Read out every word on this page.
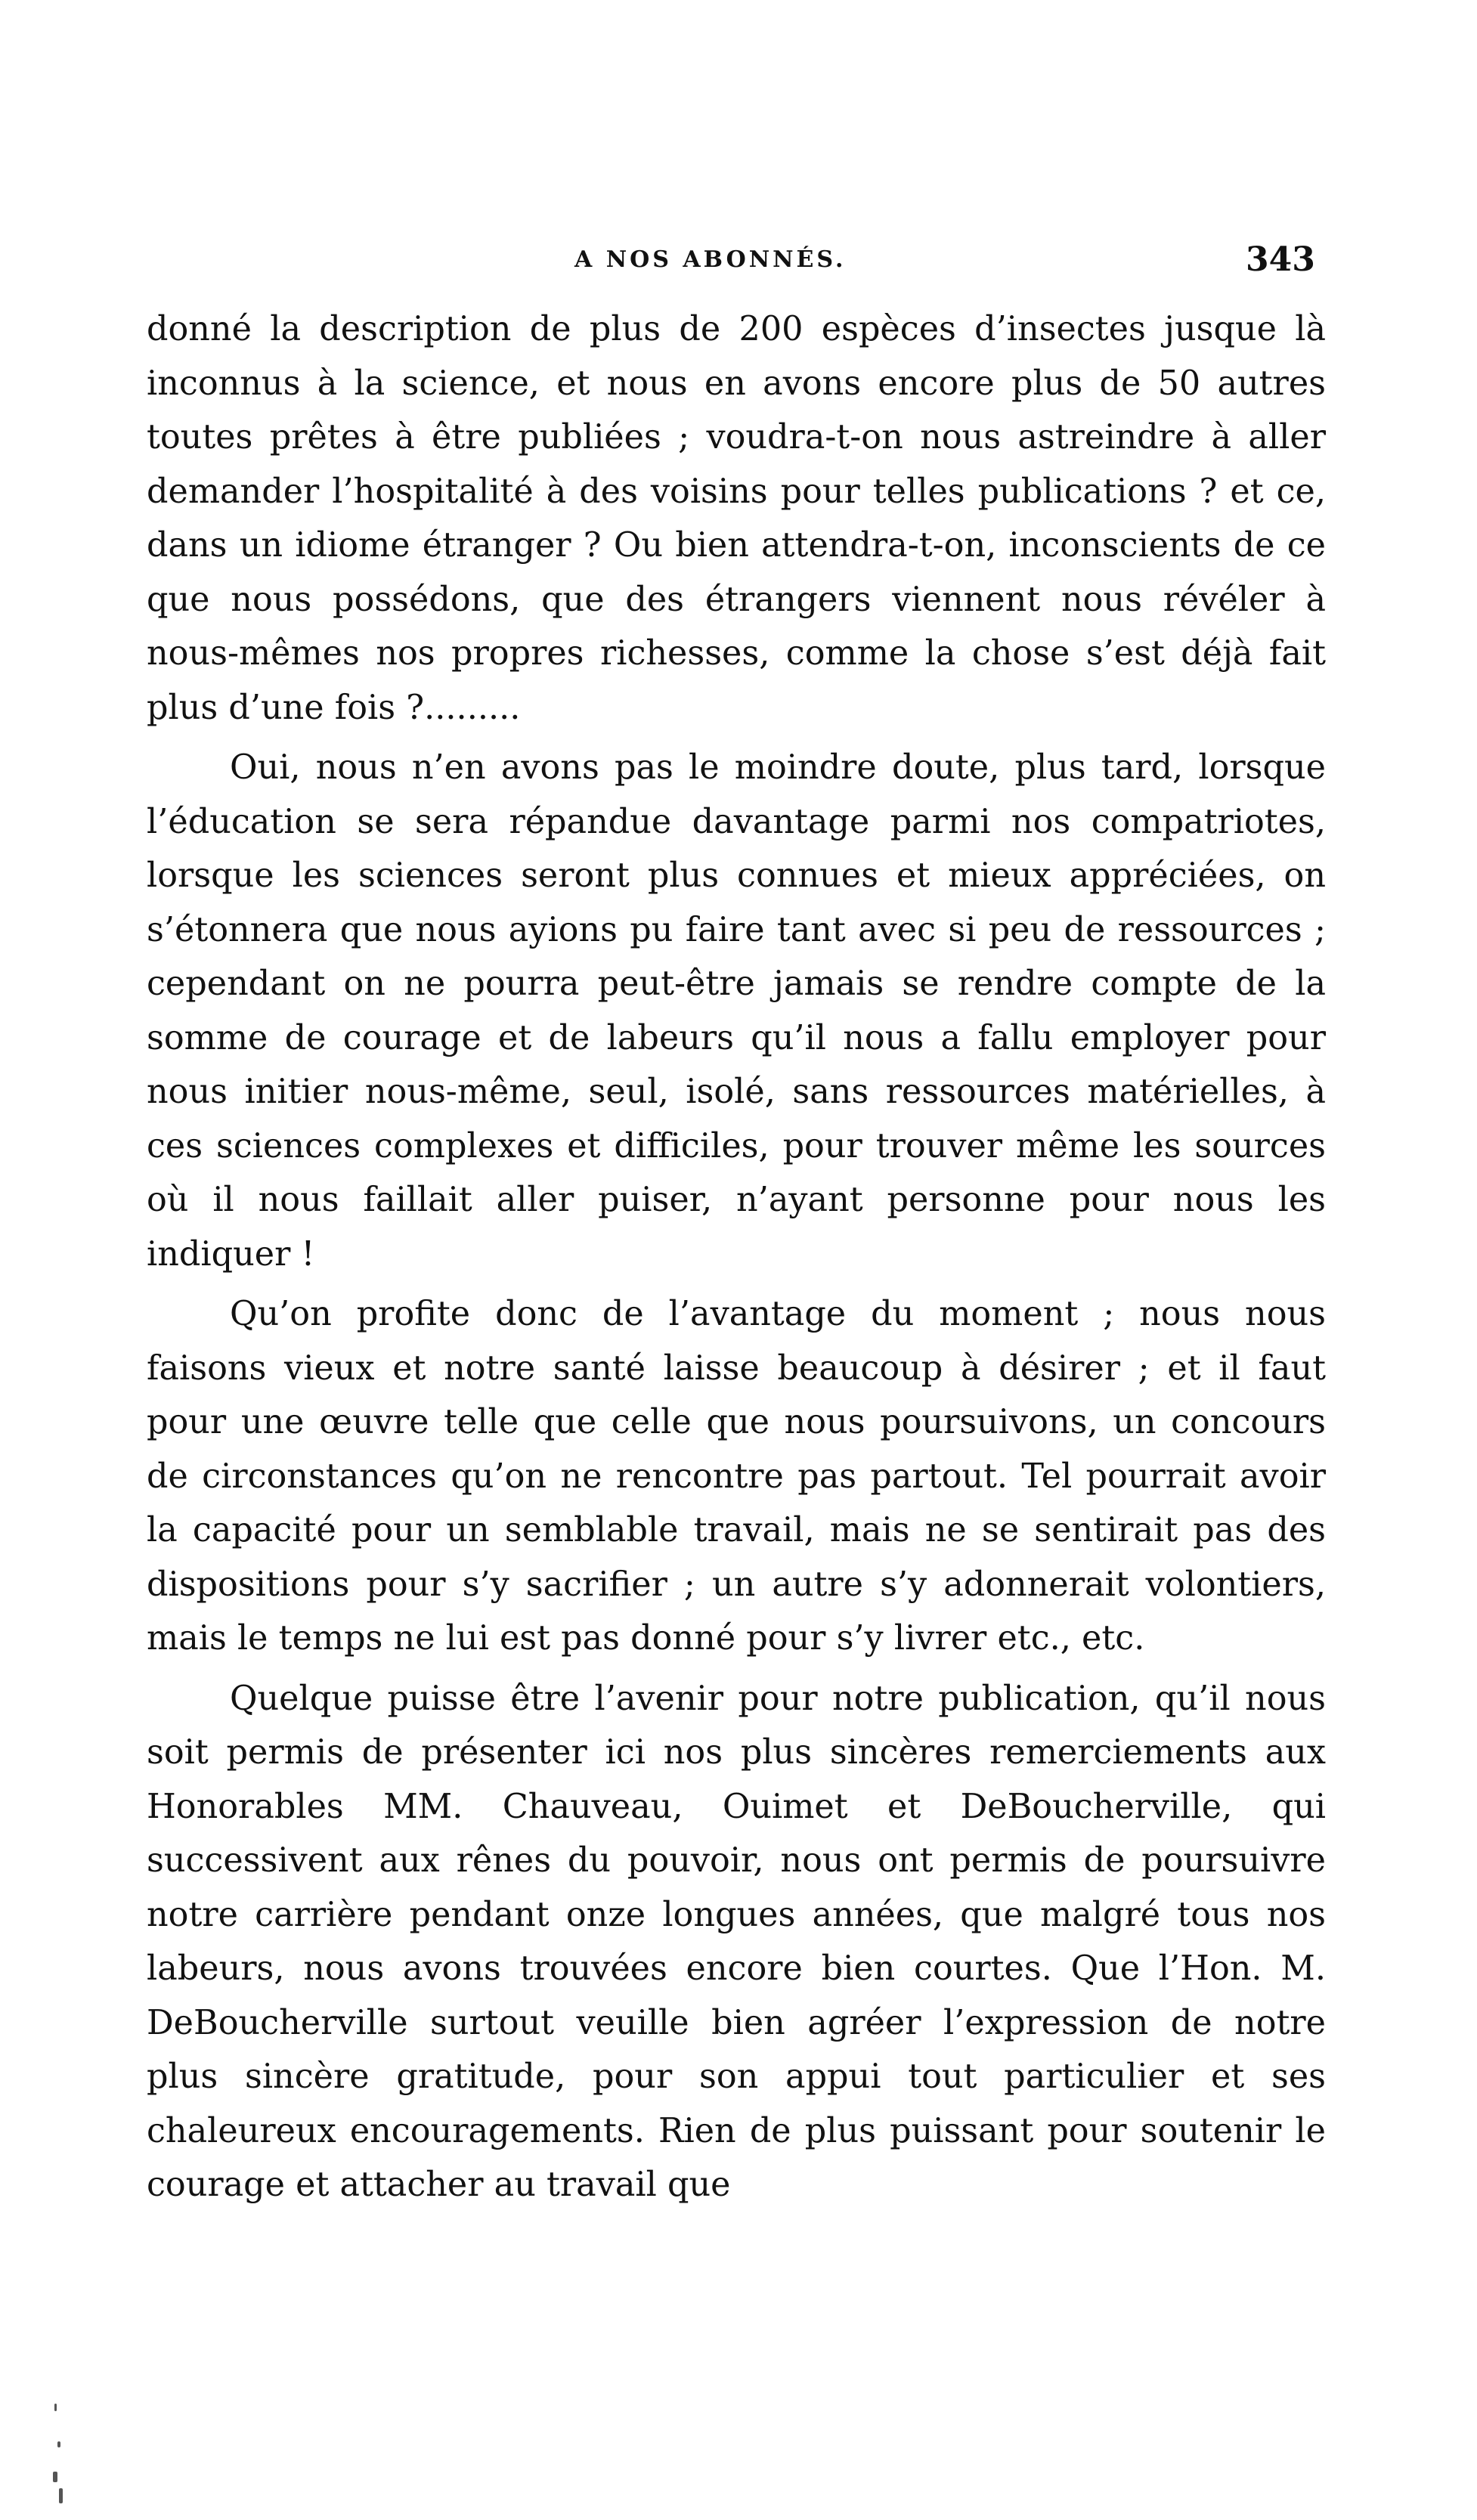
A NOS ABONNÉS.	343

donné la description de plus de 200 espèces d’insectes jusque là inconnus à la science, et nous en avons encore plus de 50 autres toutes prêtes à être publiées ; voudra-t-on nous astreindre à aller demander l’hospitalité à des voisins pour telles publications ? et ce, dans un idiome étranger ? Ou bien attendra-t-on, inconscients de ce que nous possédons, que des étrangers viennent nous révéler à nous-mêmes nos propres richesses, comme la chose s’est déjà fait plus d’une fois ?.........

Oui, nous n’en avons pas le moindre doute, plus tard, lorsque l’éducation se sera répandue davantage parmi nos compatriotes, lorsque les sciences seront plus connues et mieux appréciées, on s’étonnera que nous ayions pu faire tant avec si peu de ressources ; cependant on ne pourra peut-être jamais se rendre compte de la somme de courage et de labeurs qu’il nous a fallu employer pour nous initier nous-même, seul, isolé, sans ressources matérielles, à ces sciences complexes et difficiles, pour trouver même les sources où il nous faillait aller puiser, n’ayant personne pour nous les indiquer !

Qu’on profite donc de l’avantage du moment ; nous nous faisons vieux et notre santé laisse beaucoup à désirer ; et il faut pour une œuvre telle que celle que nous poursuivons, un concours de circonstances qu’on ne rencontre pas partout. Tel pourrait avoir la capacité pour un semblable travail, mais ne se sentirait pas des dispositions pour s’y sacrifier ; un autre s’y adonnerait volontiers, mais le temps ne lui est pas donné pour s’y livrer etc., etc.

Quelque puisse être l’avenir pour notre publication, qu’il nous soit permis de présenter ici nos plus sincères remerciements aux Honorables MM. Chauveau, Ouimet et DeBoucherville, qui successivent aux rênes du pouvoir, nous ont permis de poursuivre notre carrière pendant onze longues années, que malgré tous nos labeurs, nous avons trouvées encore bien courtes. Que l’Hon. M. DeBoucherville surtout veuille bien agréer l’expression de notre plus sincère gratitude, pour son appui tout particulier et ses chaleureux encouragements. Rien de plus puissant pour soutenir le courage et attacher au travail que
